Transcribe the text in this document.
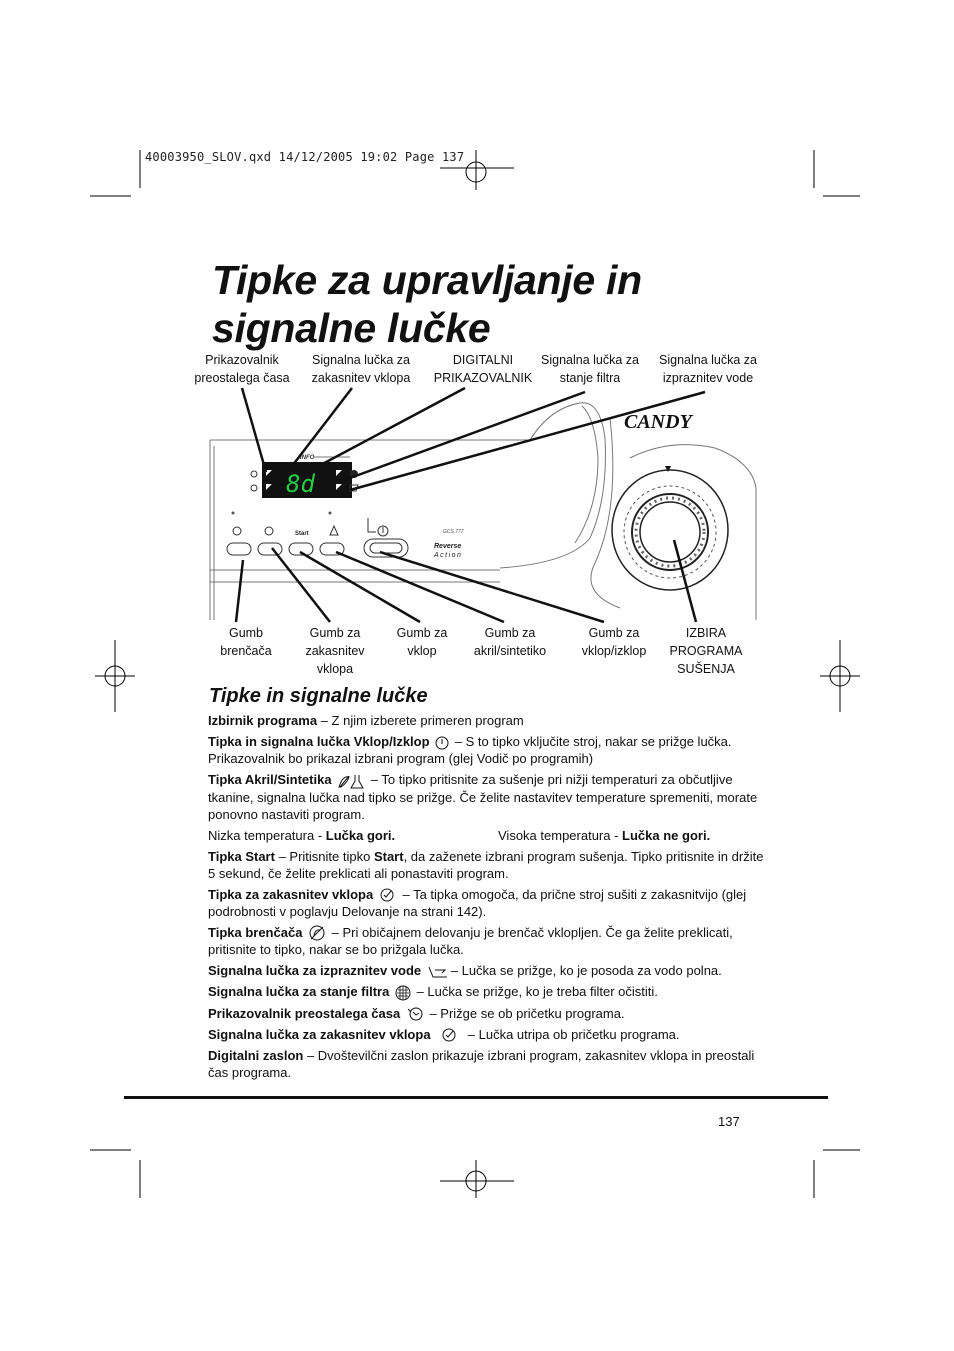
40003950_SLOV.qxd 14/12/2005 19:02 Page 137
Tipke za upravljanje in
signalne lučke
Prikazovalnik
preostalega časa
Signalna lučka za
zakasnitev vklopa
DIGITALNI
PRIKAZOVALNIK
Signalna lučka za
stanje filtra
Signalna lučka za
izpraznitev vode
INFO
8d
Start	GCS 777
Reverse
Action
CANDY
Gumb
brenčača
Gumb za
zakasnitev
vklopa
Gumb za
vklop
Gumb za
akril/sintetiko
Gumb za
vklop/izklop
IZBIRA
PROGRAMA
SUŠENJA
Tipke in signalne lučke

Izbirnik programa – Z njim izberete primeren program

Tipka in signalna lučka Vklop/Izklop  – S to tipko vključite stroj, nakar se prižge lučka. Prikazovalnik bo prikazal izbrani program (glej Vodič po programih)

Tipka Akril/Sintetika	– To tipko pritisnite za sušenje pri nižji temperaturi za občutljive tkanine, signalna lučka nad tipko se prižge. Če želite nastavitev temperature spremeniti, morate ponovno nastaviti program.

Nizka temperatura - Lučka gori.	Visoka temperatura - Lučka ne gori.

Tipka Start – Pritisnite tipko Start, da zaženete izbrani program sušenja. Tipko pritisnite in držite 5 sekund, če želite preklicati ali ponastaviti program.

Tipka za zakasnitev vklopa  – Ta tipka omogoča, da prične stroj sušiti z zakasnitvijo (glej podrobnosti v poglavju Delovanje na strani 142).

Tipka brenčača  – Pri običajnem delovanju je brenčač vklopljen. Če ga želite preklicati, pritisnite to tipko, nakar se bo prižgala lučka.

Signalna lučka za izpraznitev vode – Lučka se prižge, ko je posoda za vodo polna.

Signalna lučka za stanje filtra  – Lučka se prižge, ko je treba filter očistiti.

Prikazovalnik preostalega časa  – Prižge se ob pričetku programa.

Signalna lučka za zakasnitev vklopa	– Lučka utripa ob pričetku programa.

Digitalni zaslon – Dvoštevilčni zaslon prikazuje izbrani program, zakasnitev vklopa in preostali čas programa.

137
